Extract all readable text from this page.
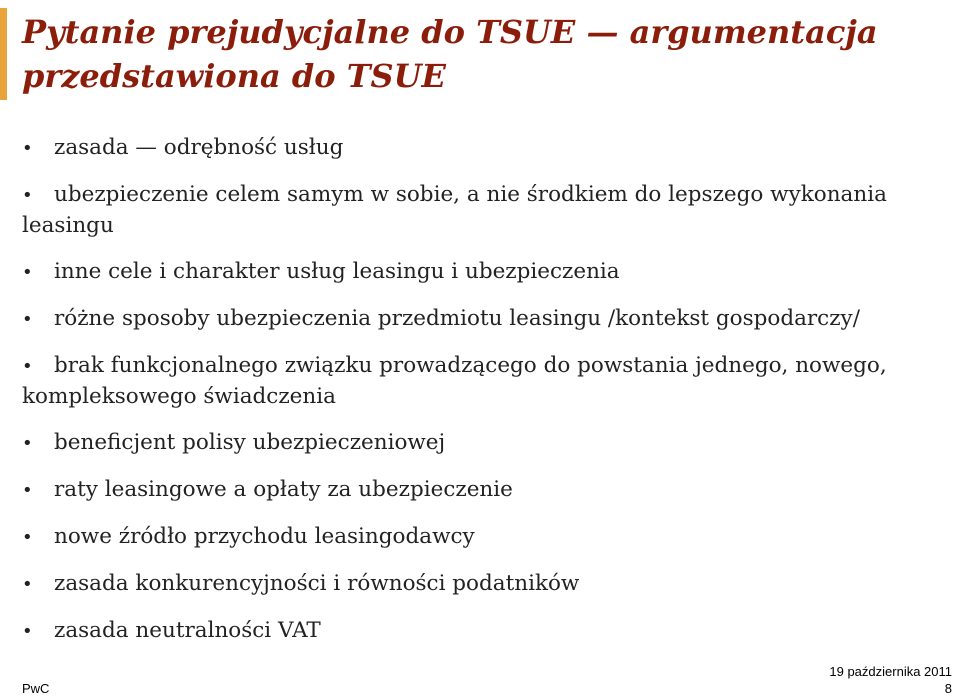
Pytanie prejudycjalne do TSUE — argumentacja przedstawiona do TSUE
• zasada — odrębność usług
• ubezpieczenie celem samym w sobie, a nie środkiem do lepszego wykonania leasingu
• inne cele i charakter usług leasingu i ubezpieczenia
• różne sposoby ubezpieczenia przedmiotu leasingu /kontekst gospodarczy/
• brak funkcjonalnego związku prowadzącego do powstania jednego, nowego, kompleksowego świadczenia
• beneficjent polisy ubezpieczeniowej
• raty leasingowe a opłaty za ubezpieczenie
• nowe źródło przychodu leasingodawcy
• zasada konkurencyjności i równości podatników
• zasada neutralności VAT
PwC
19 października 2011
8
